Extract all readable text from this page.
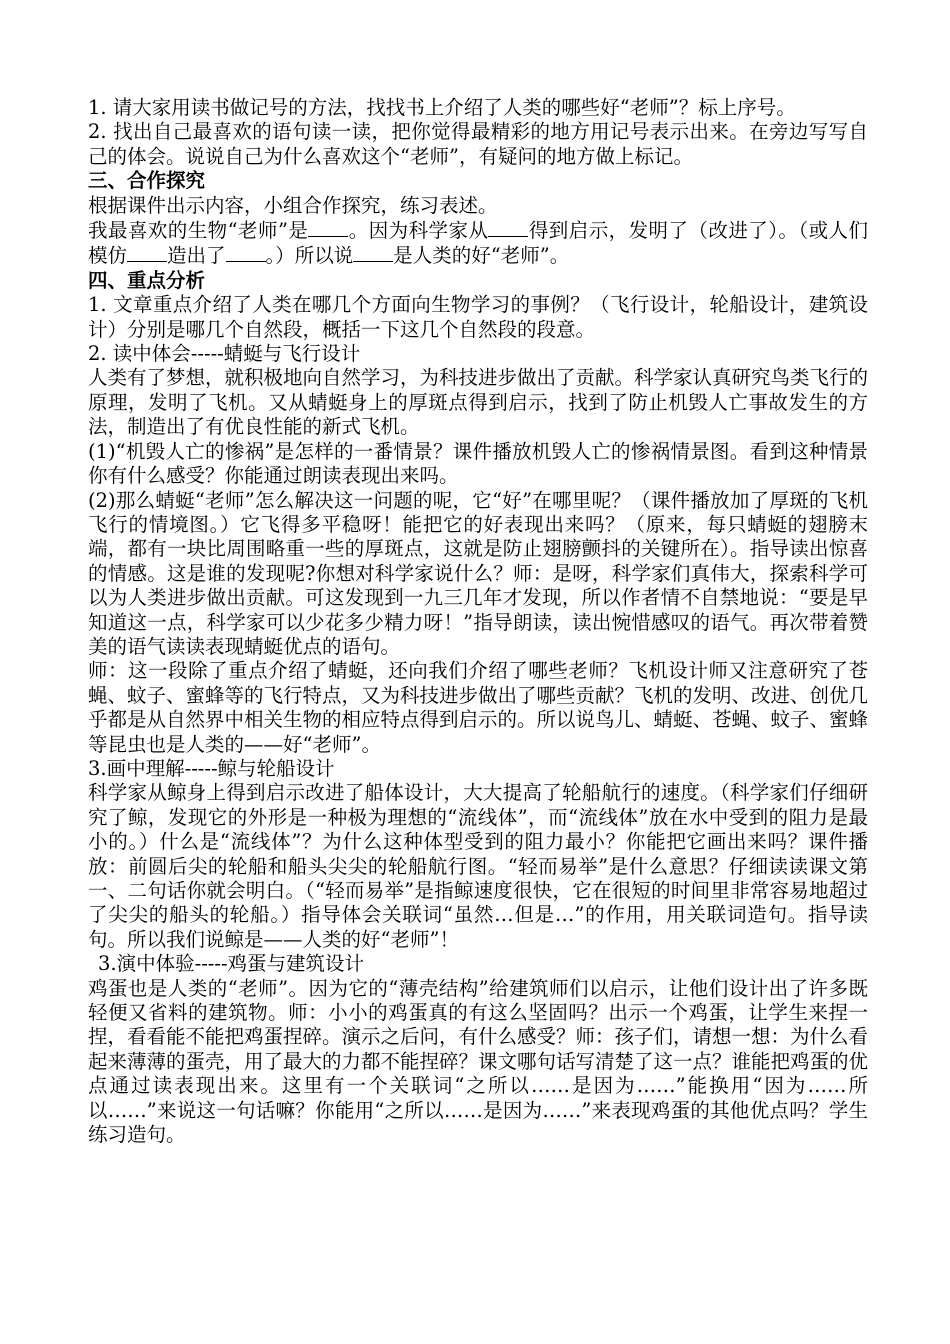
1. 请大家用读书做记号的方法，找找书上介绍了人类的哪些好“老师”？标上序号。

2. 找出自己最喜欢的语句读一读，把你觉得最精彩的地方用记号表示出来。在旁边写写自己的体会。说说自己为什么喜欢这个“老师”，有疑问的地方做上标记。

三、合作探究

根据课件出示内容，小组合作探究，练习表述。

我最喜欢的生物“老师”是 。因为科学家从 得到启示，发明了（改进了）。（或人们模仿 造出了 。）所以说 是人类的好“老师”。

四、重点分析

1. 文章重点介绍了人类在哪几个方面向生物学习的事例？（飞行设计，轮船设计，建筑设计）分别是哪几个自然段，概括一下这几个自然段的段意。

2. 读中体会-----蜻蜓与飞行设计

人类有了梦想，就积极地向自然学习，为科技进步做出了贡献。科学家认真研究鸟类飞行的原理，发明了飞机。又从蜻蜓身上的厚斑点得到启示，找到了防止机毁人亡事故发生的方法，制造出了有优良性能的新式飞机。

(1)“机毁人亡的惨祸”是怎样的一番情景？课件播放机毁人亡的惨祸情景图。看到这种情景你有什么感受？你能通过朗读表现出来吗。

(2)那么蜻蜓“老师”怎么解决这一问题的呢，它“好”在哪里呢？（课件播放加了厚斑的飞机飞行的情境图。）它飞得多平稳呀！能把它的好表现出来吗？（原来，每只蜻蜓的翅膀末端，都有一块比周围略重一些的厚斑点，这就是防止翅膀颤抖的关键所在）。指导读出惊喜的情感。这是谁的发现呢?你想对科学家说什么？师：是呀，科学家们真伟大，探索科学可以为人类进步做出贡献。可这发现到一九三几年才发现，所以作者情不自禁地说：“要是早知道这一点，科学家可以少花多少精力呀！”指导朗读，读出惋惜感叹的语气。再次带着赞美的语气读读表现蜻蜓优点的语句。

师：这一段除了重点介绍了蜻蜓，还向我们介绍了哪些老师？飞机设计师又注意研究了苍蝇、蚊子、蜜蜂等的飞行特点，又为科技进步做出了哪些贡献？飞机的发明、改进、创优几乎都是从自然界中相关生物的相应特点得到启示的。所以说鸟儿、蜻蜓、苍蝇、蚊子、蜜蜂等昆虫也是人类的——好“老师”。

3.画中理解-----鲸与轮船设计

科学家从鲸身上得到启示改进了船体设计，大大提高了轮船航行的速度。（科学家们仔细研究了鲸，发现它的外形是一种极为理想的“流线体”，而“流线体”放在水中受到的阻力是最小的。）什么是“流线体”？为什么这种体型受到的阻力最小？你能把它画出来吗？课件播放：前圆后尖的轮船和船头尖尖的轮船航行图。“轻而易举”是什么意思？仔细读读课文第一、二句话你就会明白。（“轻而易举”是指鲸速度很快，它在很短的时间里非常容易地超过了尖尖的船头的轮船。）指导体会关联词“虽然…但是…”的作用，用关联词造句。指导读句。所以我们说鲸是——人类的好“老师”！

3.演中体验-----鸡蛋与建筑设计

鸡蛋也是人类的“老师”。因为它的“薄壳结构”给建筑师们以启示，让他们设计出了许多既轻便又省料的建筑物。师：小小的鸡蛋真的有这么坚固吗？出示一个鸡蛋，让学生来捏一捏，看看能不能把鸡蛋捏碎。演示之后问，有什么感受？师：孩子们，请想一想：为什么看起来薄薄的蛋壳，用了最大的力都不能捏碎？课文哪句话写清楚了这一点？谁能把鸡蛋的优点通过读表现出来。这里有一个关联词“之所以……是因为……”能换用“因为……所以……”来说这一句话嘛？你能用“之所以……是因为……”来表现鸡蛋的其他优点吗？学生练习造句。
